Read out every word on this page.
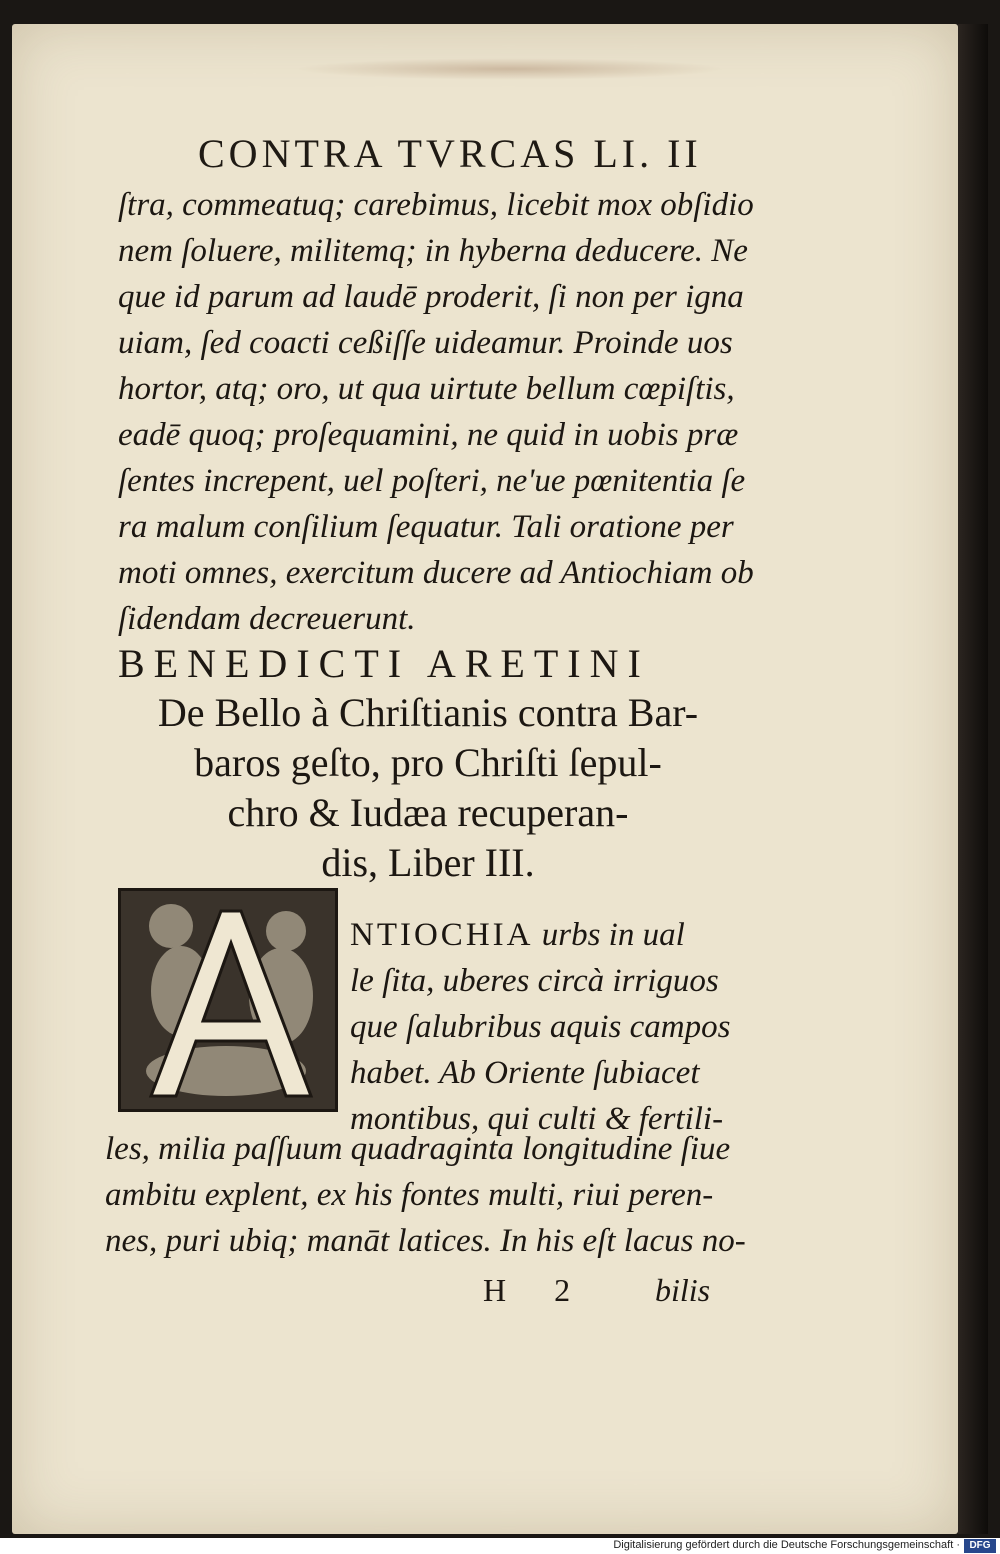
CONTRA TVRCAS LI. II
ſtra, commeatuq; carebimus, licebit mox obſidio
nem ſoluere, militemq; in hyberna deducere. Ne
que id parum ad laudē proderit, ſi non per igna
uiam, ſed coacti ceßiſſe uideamur. Proinde uos
hortor, atq; oro, ut qua uirtute bellum cœpiſtis,
eadē quoq; proſequamini, ne quid in uobis præ
ſentes increpent, uel poſteri, ne'ue pœnitentia ſe
ra malum conſilium ſequatur. Tali oratione per
moti omnes, exercitum ducere ad Antiochiam ob
ſidendam decreuerunt.
BENEDICTI ARETINI
De Bello à Chriſtianis contra Bar-
baros geſto, pro Chriſti ſepul-
chro & Iudæa recuperan-
dis, Liber III.
NTIOCHIA urbs in ual
le ſita, uberes circà irriguos
que ſalubribus aquis campos
habet. Ab Oriente ſubiacet
montibus, qui culti & fertili-
les, milia paſſuum quadraginta longitudine ſiue
ambitu explent, ex his fontes multi, riui peren-
nes, puri ubiq; manāt latices. In his eſt lacus no-
H 2	bilis
Digitalisierung gefördert durch die Deutsche Forschungsgemeinschaft · DFG
